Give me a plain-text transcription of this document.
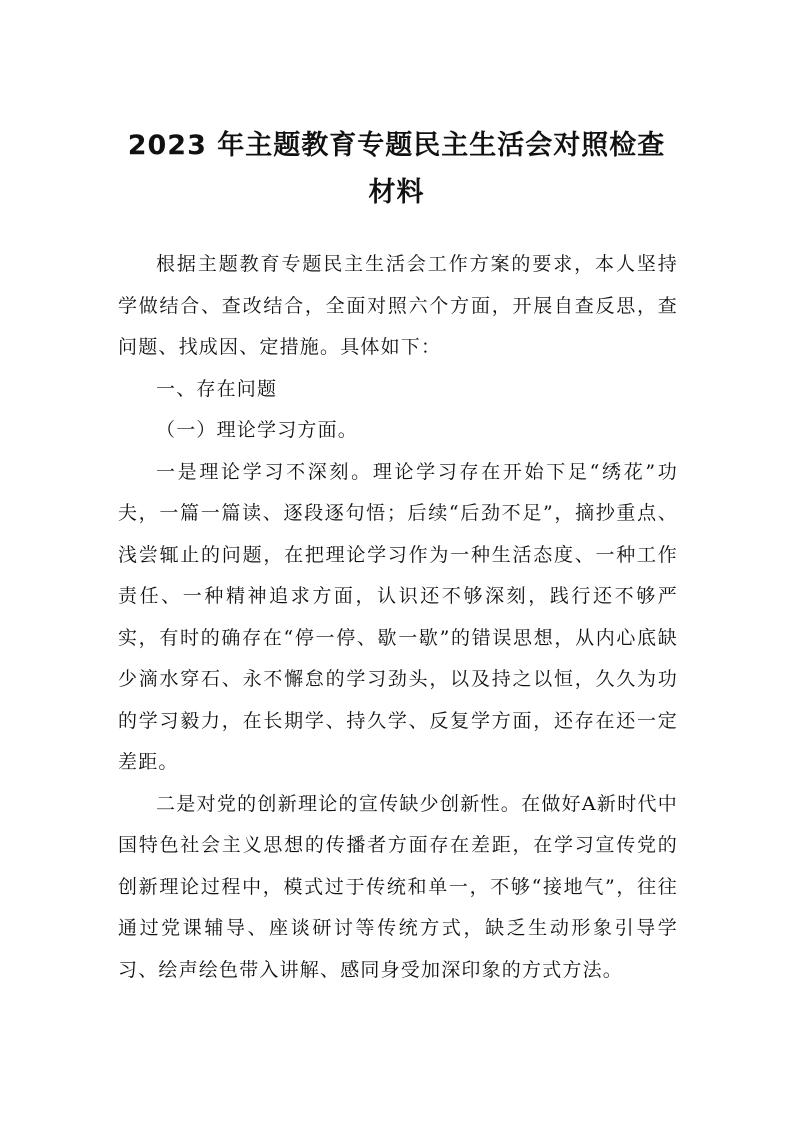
2023 年主题教育专题民主生活会对照检查
材料

根据主题教育专题民主生活会工作方案的要求，本人坚持学做结合、查改结合，全面对照六个方面，开展自查反思，查问题、找成因、定措施。具体如下：

一、存在问题

（一）理论学习方面。

一是理论学习不深刻。理论学习存在开始下足“绣花”功夫，一篇一篇读、逐段逐句悟；后续“后劲不足”，摘抄重点、浅尝辄止的问题，在把理论学习作为一种生活态度、一种工作责任、一种精神追求方面，认识还不够深刻，践行还不够严实，有时的确存在“停一停、歇一歇”的错误思想，从内心底缺少滴水穿石、永不懈怠的学习劲头，以及持之以恒，久久为功的学习毅力，在长期学、持久学、反复学方面，还存在还一定差距。

二是对党的创新理论的宣传缺少创新性。在做好A新时代中国特色社会主义思想的传播者方面存在差距，在学习宣传党的创新理论过程中，模式过于传统和单一，不够“接地气”，往往通过党课辅导、座谈研讨等传统方式，缺乏生动形象引导学习、绘声绘色带入讲解、感同身受加深印象的方式方法。
